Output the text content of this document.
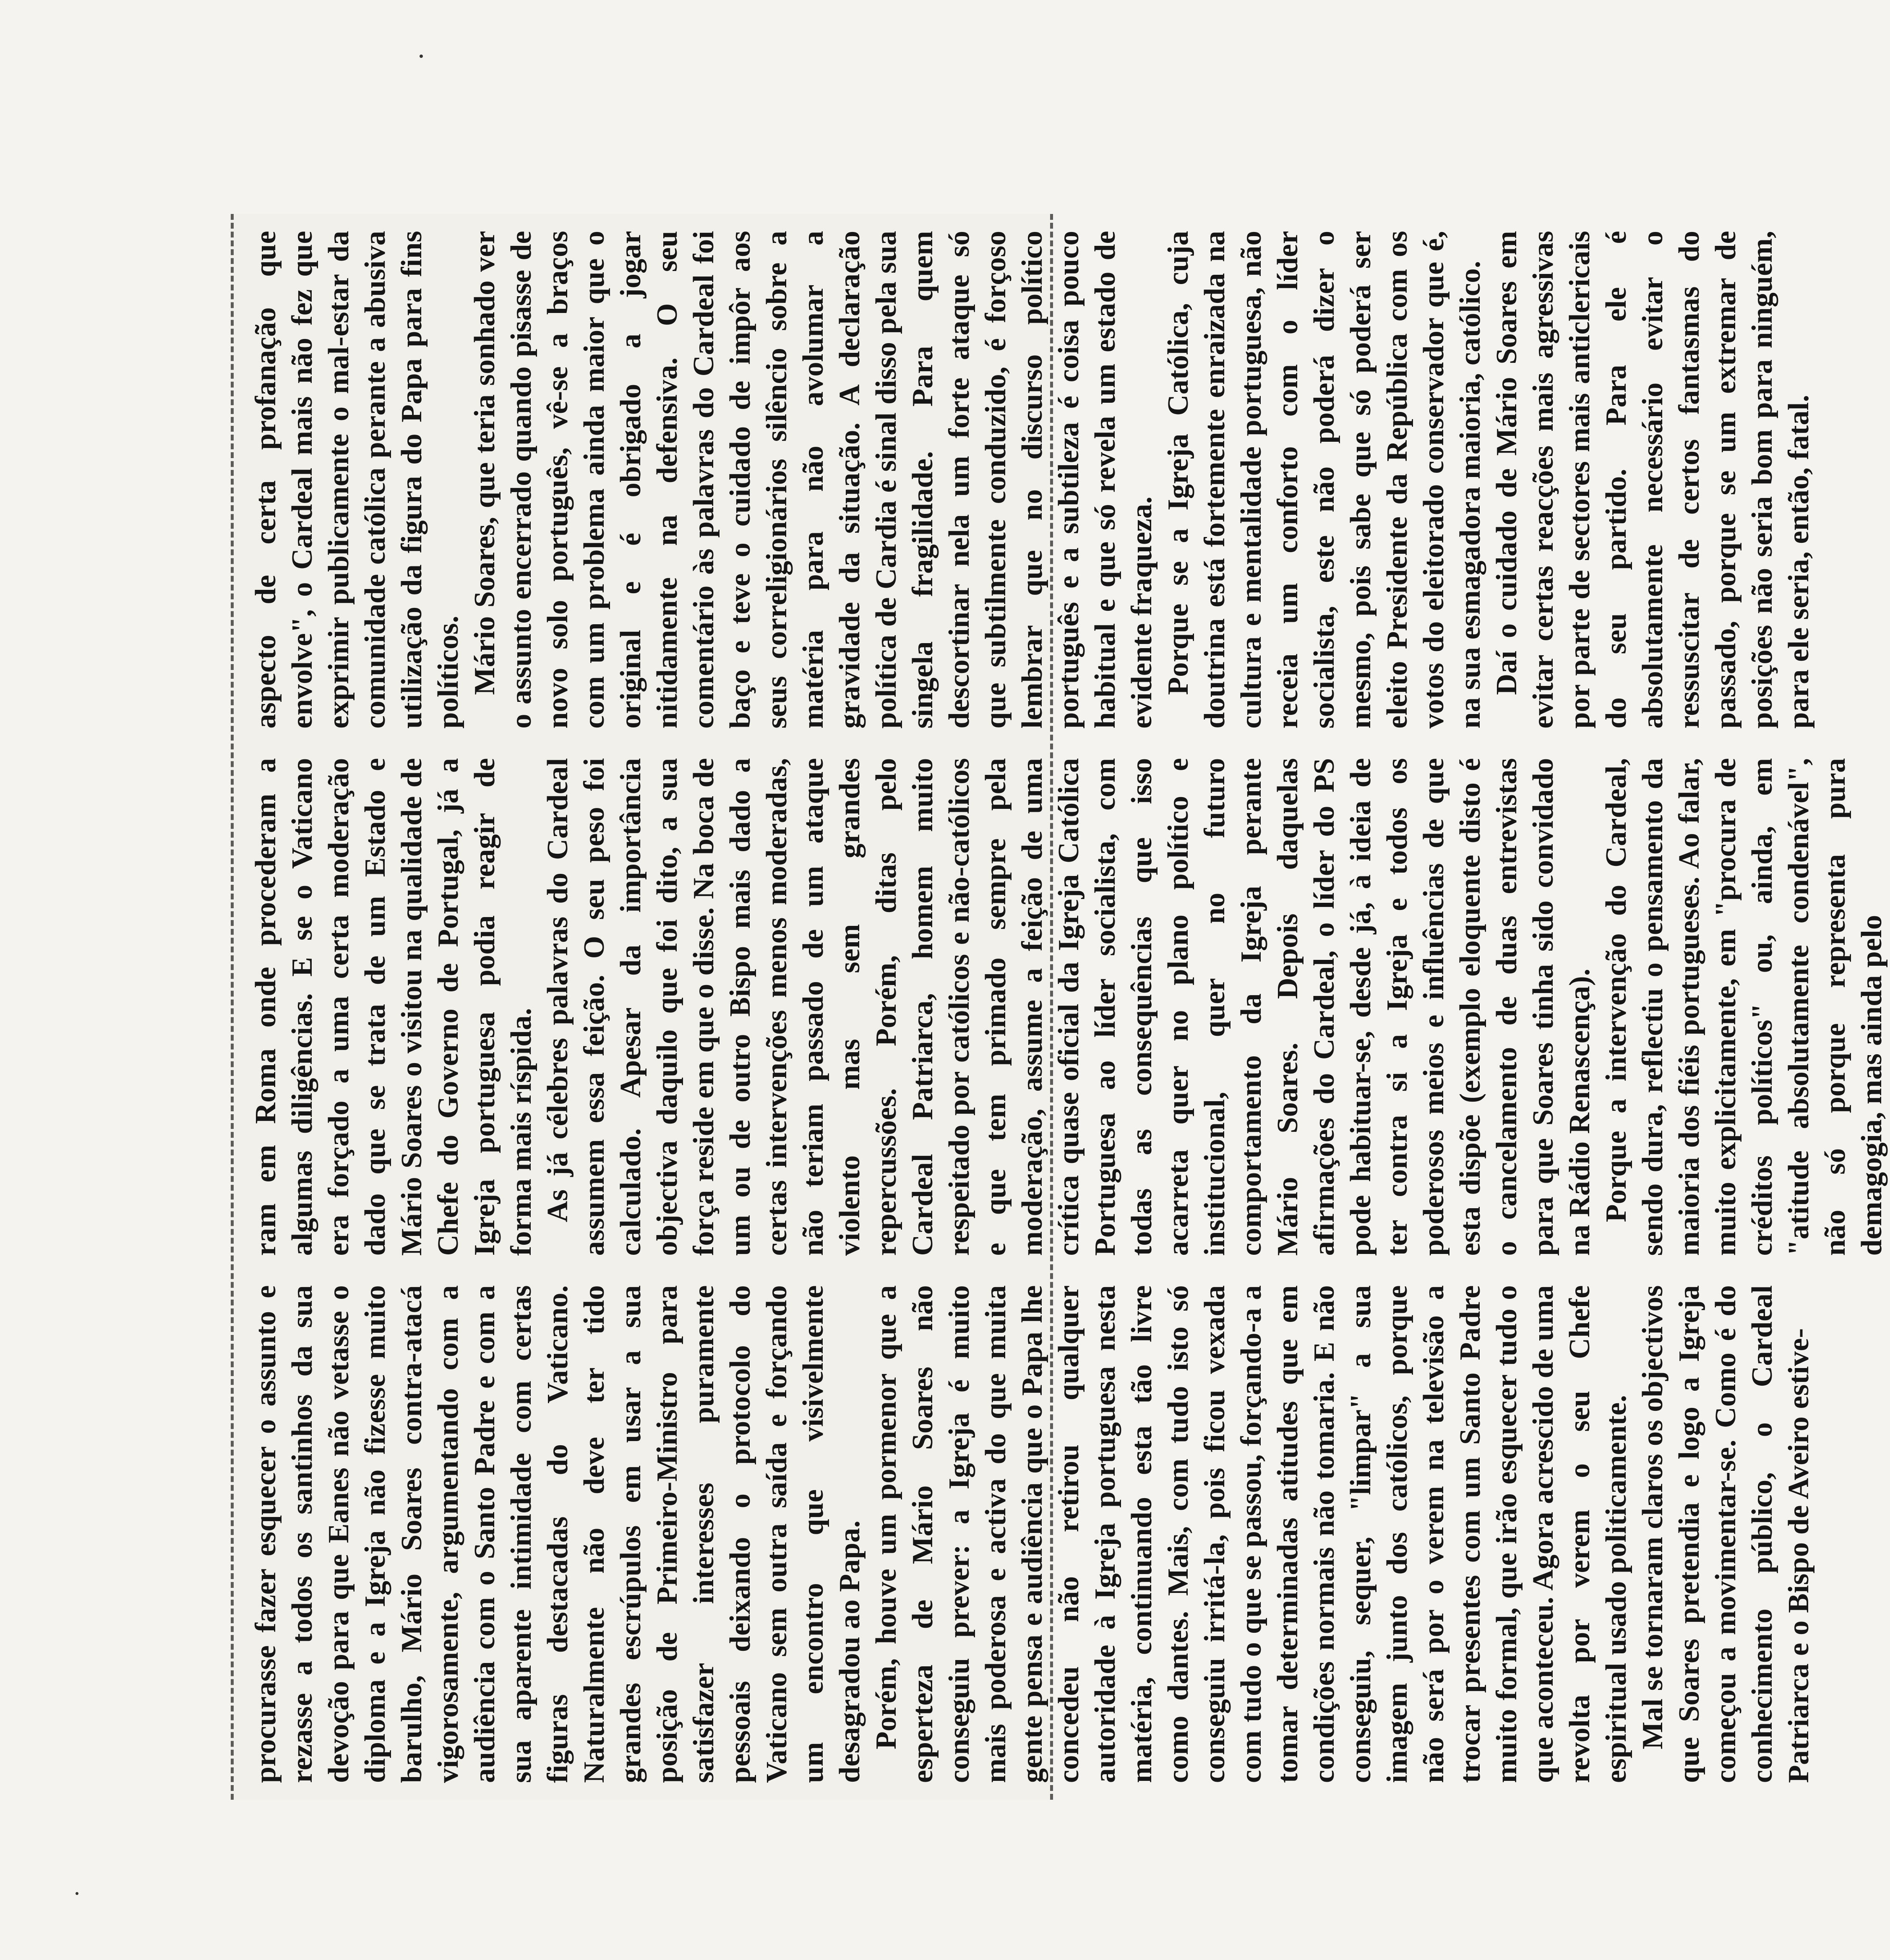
procurasse fazer esquecer o assunto e rezasse a todos os santinhos da sua devoção para que Eanes não vetasse o diploma e a Igreja não fizesse muito barulho, Mário Soares contra-atacá vigorosamente, argumentando com a audiência com o Santo Padre e com a sua aparente intimidade com certas figuras destacadas do Vaticano. Naturalmente não deve ter tido grandes escrúpulos em usar a sua posição de Primeiro-Ministro para satisfazer interesses puramente pessoais deixando o protocolo do Vaticano sem outra saída e forçando um encontro que visivelmente desagradou ao Papa. Porém, houve um pormenor que a esperteza de Mário Soares não conseguiu prever: a Igreja é muito mais poderosa e activa do que muita gente pensa e audiência que o Papa lhe concedeu não retirou qualquer autoridade à Igreja portuguesa nesta matéria, continuando esta tão livre como dantes. Mais, com tudo isto só conseguiu irritá-la, pois ficou vexada com tudo o que se passou, forçando-a a tomar determinadas atitudes que em condições normais não tomaria. E não conseguiu, sequer, "limpar" a sua imagem junto dos católicos, porque não será por o verem na televisão a trocar presentes com um Santo Padre muito formal, que irão esquecer tudo o que aconteceu. Agora acrescido de uma revolta por verem o seu Chefe espiritual usado politicamente. Mal se tornaram claros os objectivos que Soares pretendia e logo a Igreja começou a movimentar-se. Como é do conhecimento público, o Cardeal Patriarca e o Bispo de Aveiro estive-

ram em Roma onde procederam a algumas diligências. E se o Vaticano era forçado a uma certa moderação dado que se trata de um Estado e Mário Soares o visitou na qualidade de Chefe do Governo de Portugal, já a Igreja portuguesa podia reagir de forma mais ríspida. As já célebres palavras do Cardeal assumem essa feição. O seu peso foi calculado. Apesar da importância objectiva daquilo que foi dito, a sua força reside em que o disse. Na boca de um ou de outro Bispo mais dado a certas intervenções menos moderadas, não teriam passado de um ataque violento mas sem grandes repercussões. Porém, ditas pelo Cardeal Patriarca, homem muito respeitado por católicos e não-católicos e que tem primado sempre pela moderação, assume a feição de uma crítica quase oficial da Igreja Católica Portuguesa ao líder socialista, com todas as consequências que isso acarreta quer no plano político e institucional, quer no futuro comportamento da Igreja perante Mário Soares. Depois daquelas afirmações do Cardeal, o líder do PS pode habituar-se, desde já, à ideia de ter contra si a Igreja e todos os poderosos meios e influências de que esta dispõe (exemplo eloquente disto é o cancelamento de duas entrevistas para que Soares tinha sido convidado na Rádio Renascença). Porque a intervenção do Cardeal, sendo dura, reflectiu o pensamento da maioria dos fiéis portugueses. Ao falar, muito explicitamente, em "procura de créditos políticos" ou, ainda, em "atitude absolutamente condenável", não só porque representa pura demagogia, mas ainda pelo

aspecto de certa profanação que envolve", o Cardeal mais não fez que exprimir publicamente o mal-estar da comunidade católica perante a abusiva utilização da figura do Papa para fins políticos. Mário Soares, que teria sonhado ver o assunto encerrado quando pisasse de novo solo português, vê-se a braços com um problema ainda maior que o original e é obrigado a jogar nitidamente na defensiva. O seu comentário às palavras do Cardeal foi baço e teve o cuidado de impôr aos seus correligionários silêncio sobre a matéria para não avolumar a gravidade da situação. A declaração política de Cardia é sinal disso pela sua singela fragilidade. Para quem descortinar nela um forte ataque só que subtilmente conduzido, é forçoso lembrar que no discurso político português e a subtileza é coisa pouco habitual e que só revela um estado de evidente fraqueza. Porque se a Igreja Católica, cuja doutrina está fortemente enraizada na cultura e mentalidade portuguesa, não receia um conforto com o líder socialista, este não poderá dizer o mesmo, pois sabe que só poderá ser eleito Presidente da República com os votos do eleitorado conservador que é, na sua esmagadora maioria, católico. Daí o cuidado de Mário Soares em evitar certas reacções mais agressivas por parte de sectores mais anticlericais do seu partido. Para ele é absolutamente necessário evitar o ressuscitar de certos fantasmas do passado, porque se um extremar de posições não seria bom para ninguém, para ele seria, então, fatal.
